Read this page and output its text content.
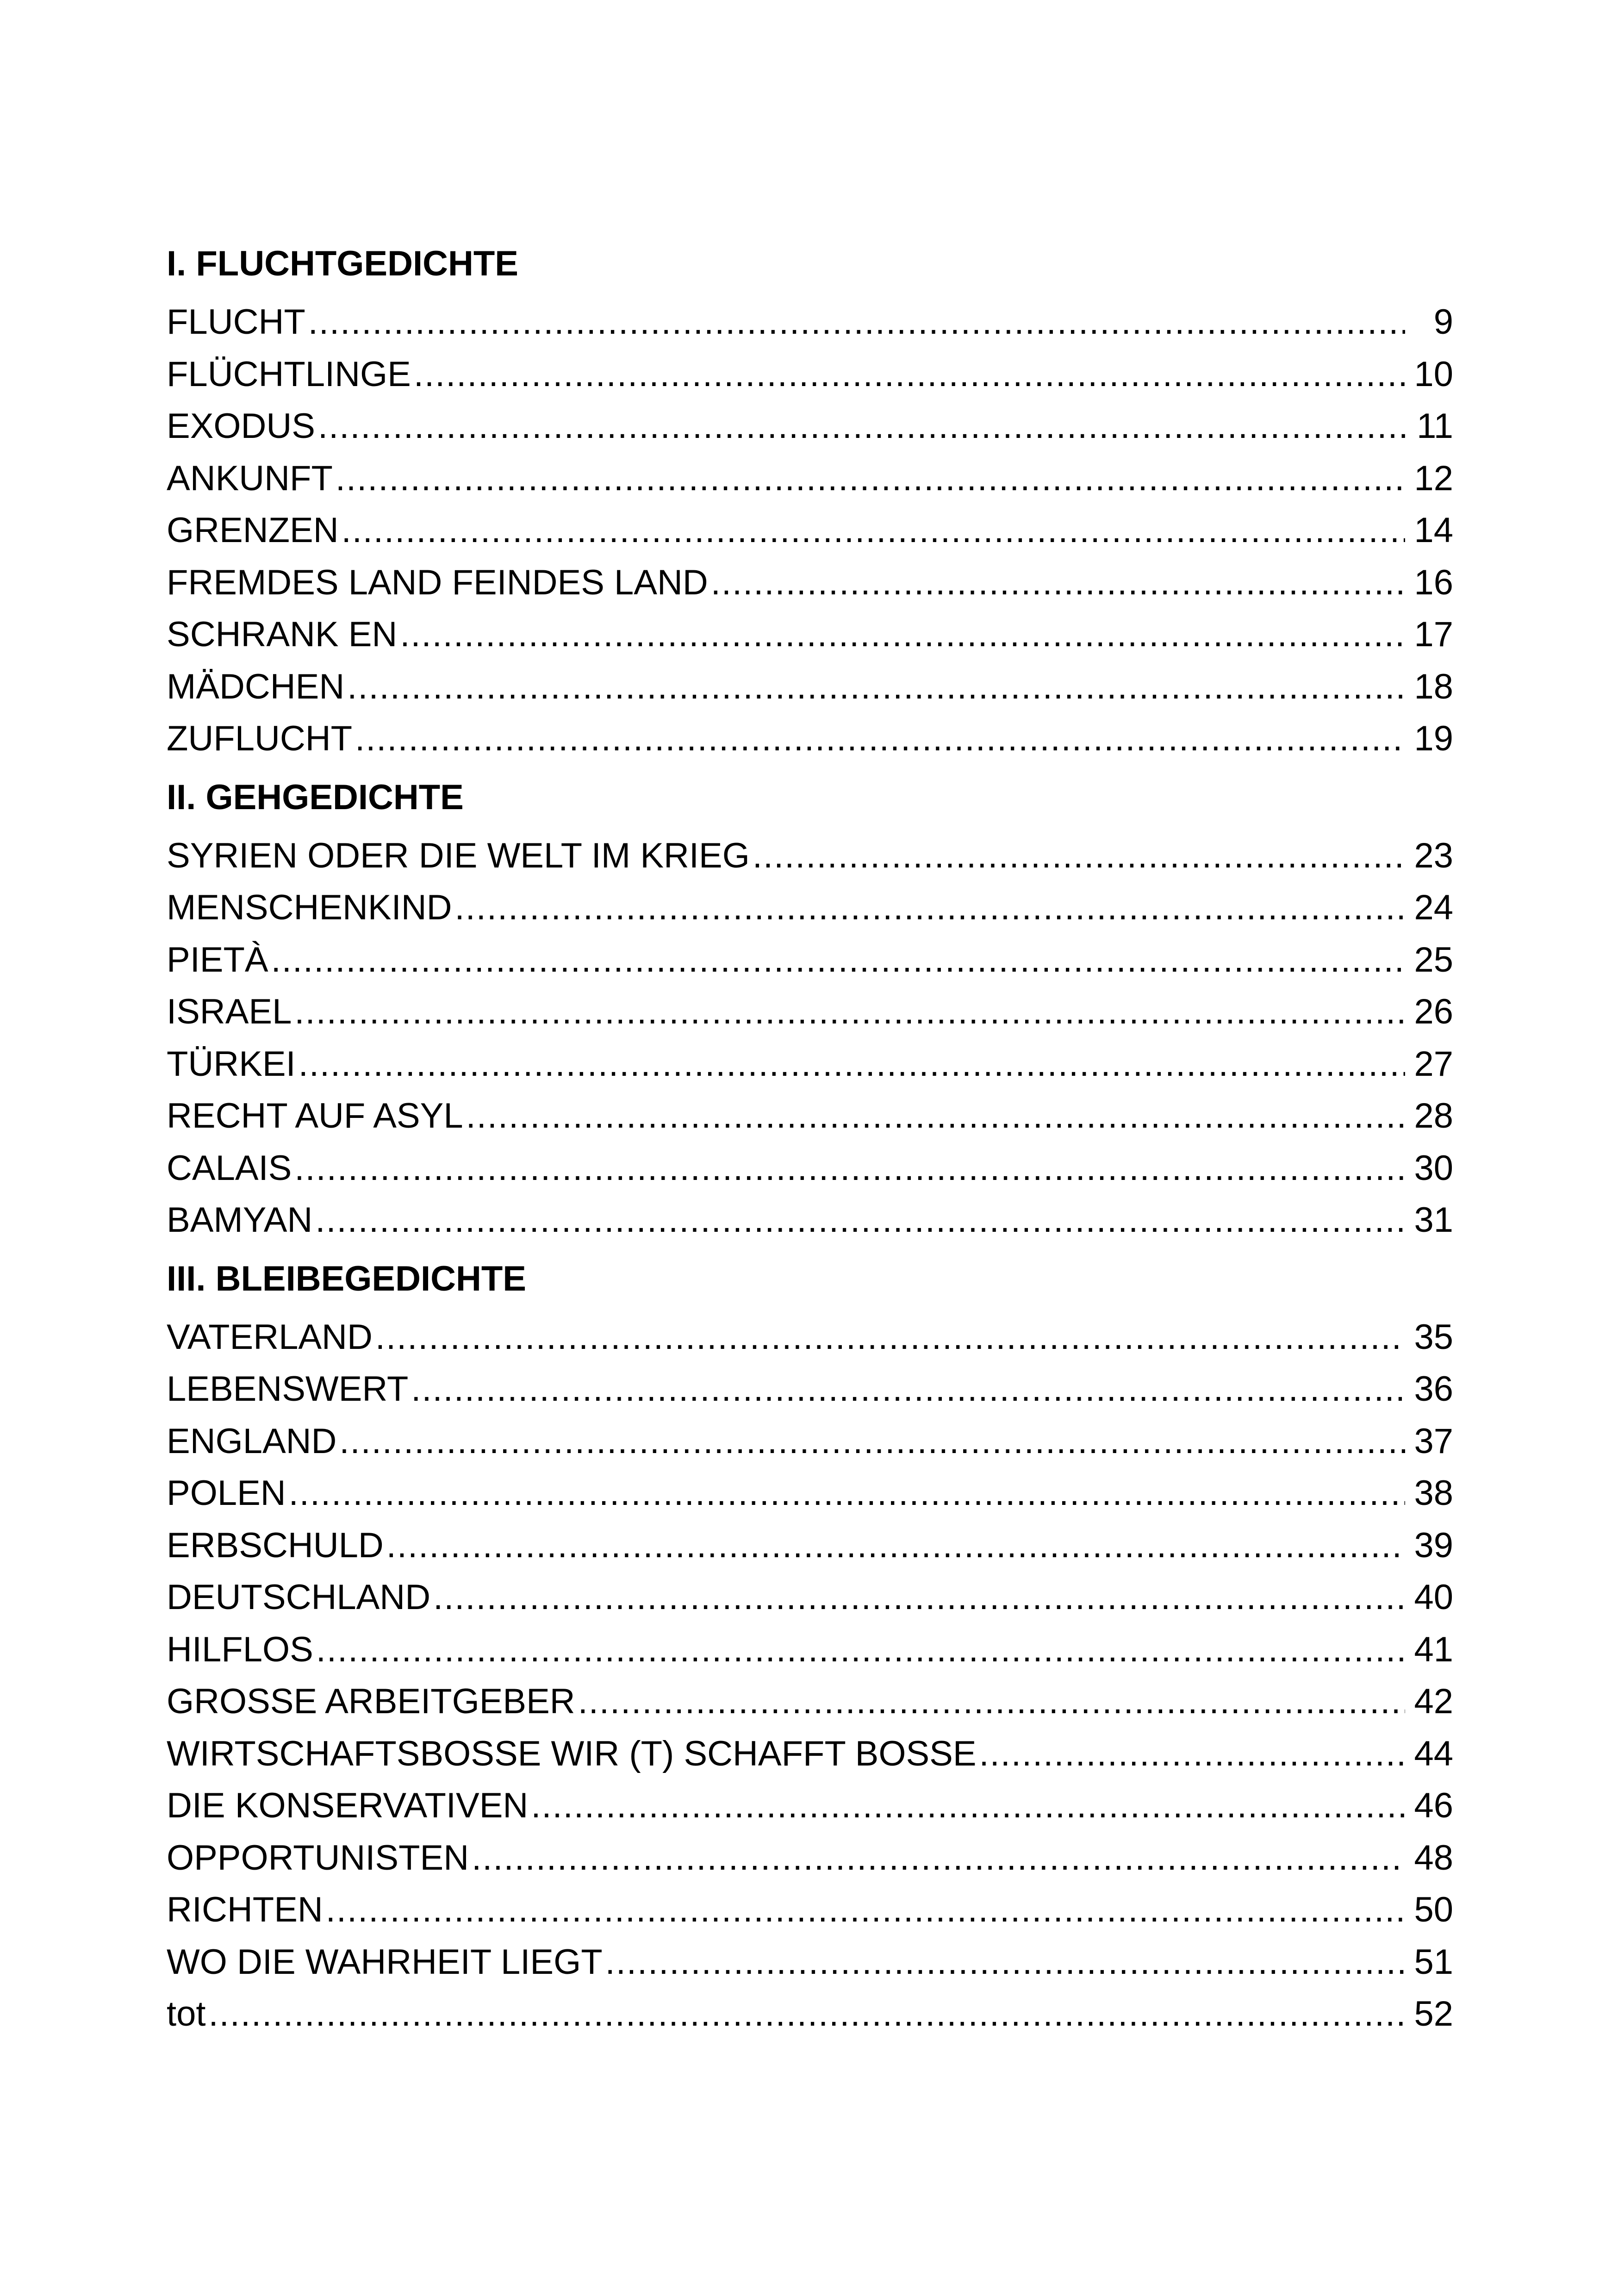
I. FLUCHTGEDICHTE
FLUCHT .....	9
FLÜCHTLINGE .....	10
EXODUS .....	11
ANKUNFT .....	12
GRENZEN .....	14
FREMDES LAND FEINDES LAND .....	16
SCHRANK EN .....	17
MÄDCHEN .....	18
ZUFLUCHT .....	19
II. GEHGEDICHTE
SYRIEN ODER DIE WELT IM KRIEG .....	23
MENSCHENKIND .....	24
PIETÀ .....	25
ISRAEL .....	26
TÜRKEI .....	27
RECHT AUF ASYL .....	28
CALAIS .....	30
BAMYAN .....	31
III. BLEIBEGEDICHTE
VATERLAND .....	35
LEBENSWERT .....	36
ENGLAND .....	37
POLEN .....	38
ERBSCHULD .....	39
DEUTSCHLAND .....	40
HILFLOS .....	41
GROSSE ARBEITGEBER .....	42
WIRTSCHAFTSBOSSE WIR (T) SCHAFFT BOSSE .....	44
DIE KONSERVATIVEN .....	46
OPPORTUNISTEN .....	48
RICHTEN .....	50
WO DIE WAHRHEIT LIEGT .....	51
tot .....	52
